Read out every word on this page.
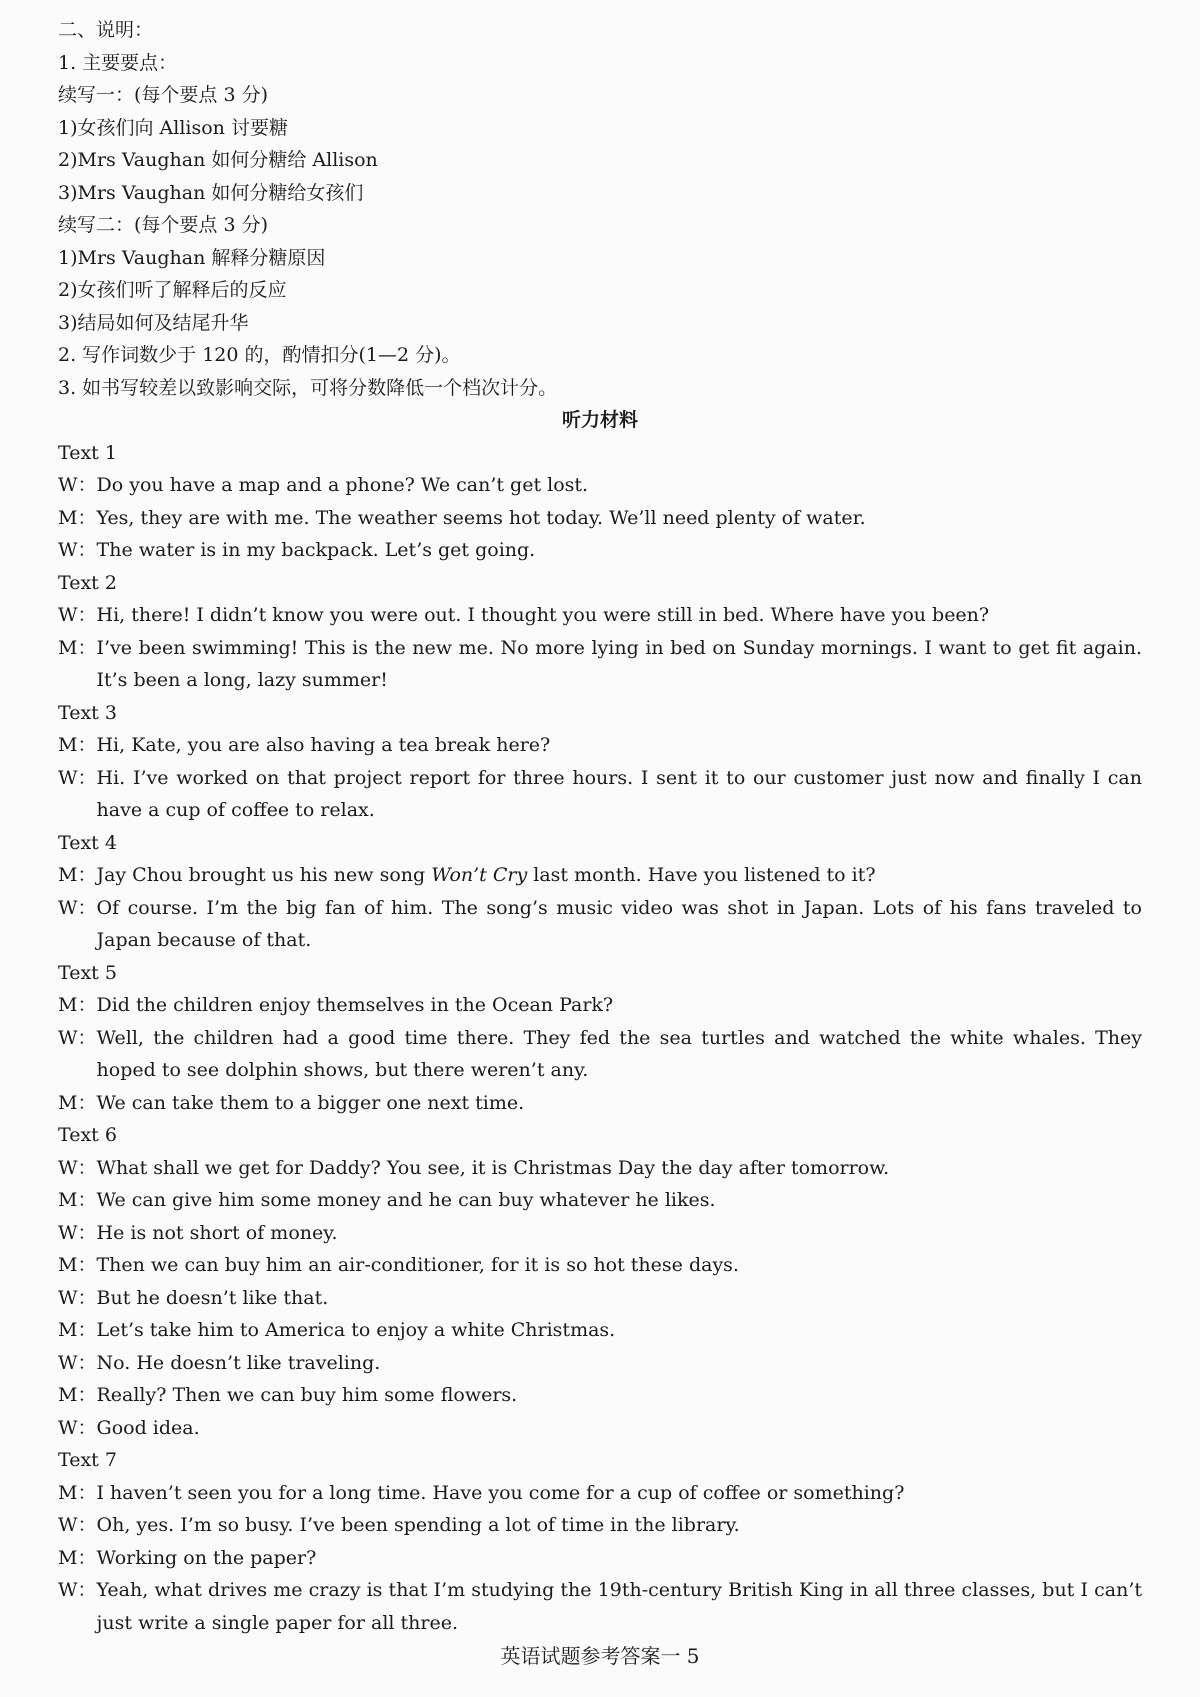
二、说明：
1. 主要要点：
续写一：(每个要点 3 分)
1)女孩们向 Allison 讨要糖
2)Mrs Vaughan 如何分糖给 Allison
3)Mrs Vaughan 如何分糖给女孩们
续写二：(每个要点 3 分)
1)Mrs Vaughan 解释分糖原因
2)女孩们听了解释后的反应
3)结局如何及结尾升华
2. 写作词数少于 120 的，酌情扣分(1—2 分)。
3. 如书写较差以致影响交际，可将分数降低一个档次计分。
听力材料
Text 1
W： Do you have a map and a phone? We can’t get lost.
M： Yes, they are with me. The weather seems hot today. We’ll need plenty of water.
W： The water is in my backpack. Let’s get going.
Text 2
W： Hi, there! I didn’t know you were out. I thought you were still in bed. Where have you been?
M： I’ve been swimming! This is the new me. No more lying in bed on Sunday mornings. I want to get fit again. It’s been a long, lazy summer!
Text 3
M： Hi, Kate, you are also having a tea break here?
W： Hi. I’ve worked on that project report for three hours. I sent it to our customer just now and finally I can have a cup of coffee to relax.
Text 4
M： Jay Chou brought us his new song Won’t Cry last month. Have you listened to it?
W： Of course. I’m the big fan of him. The song’s music video was shot in Japan. Lots of his fans traveled to Japan because of that.
Text 5
M： Did the children enjoy themselves in the Ocean Park?
W： Well, the children had a good time there. They fed the sea turtles and watched the white whales. They hoped to see dolphin shows, but there weren’t any.
M： We can take them to a bigger one next time.
Text 6
W： What shall we get for Daddy? You see, it is Christmas Day the day after tomorrow.
M： We can give him some money and he can buy whatever he likes.
W： He is not short of money.
M： Then we can buy him an air-conditioner, for it is so hot these days.
W： But he doesn’t like that.
M： Let’s take him to America to enjoy a white Christmas.
W： No. He doesn’t like traveling.
M： Really? Then we can buy him some flowers.
W： Good idea.
Text 7
M： I haven’t seen you for a long time. Have you come for a cup of coffee or something?
W： Oh, yes. I’m so busy. I’ve been spending a lot of time in the library.
M： Working on the paper?
W： Yeah, what drives me crazy is that I’m studying the 19th-century British King in all three classes, but I can’t just write a single paper for all three.
英语试题参考答案一 5
